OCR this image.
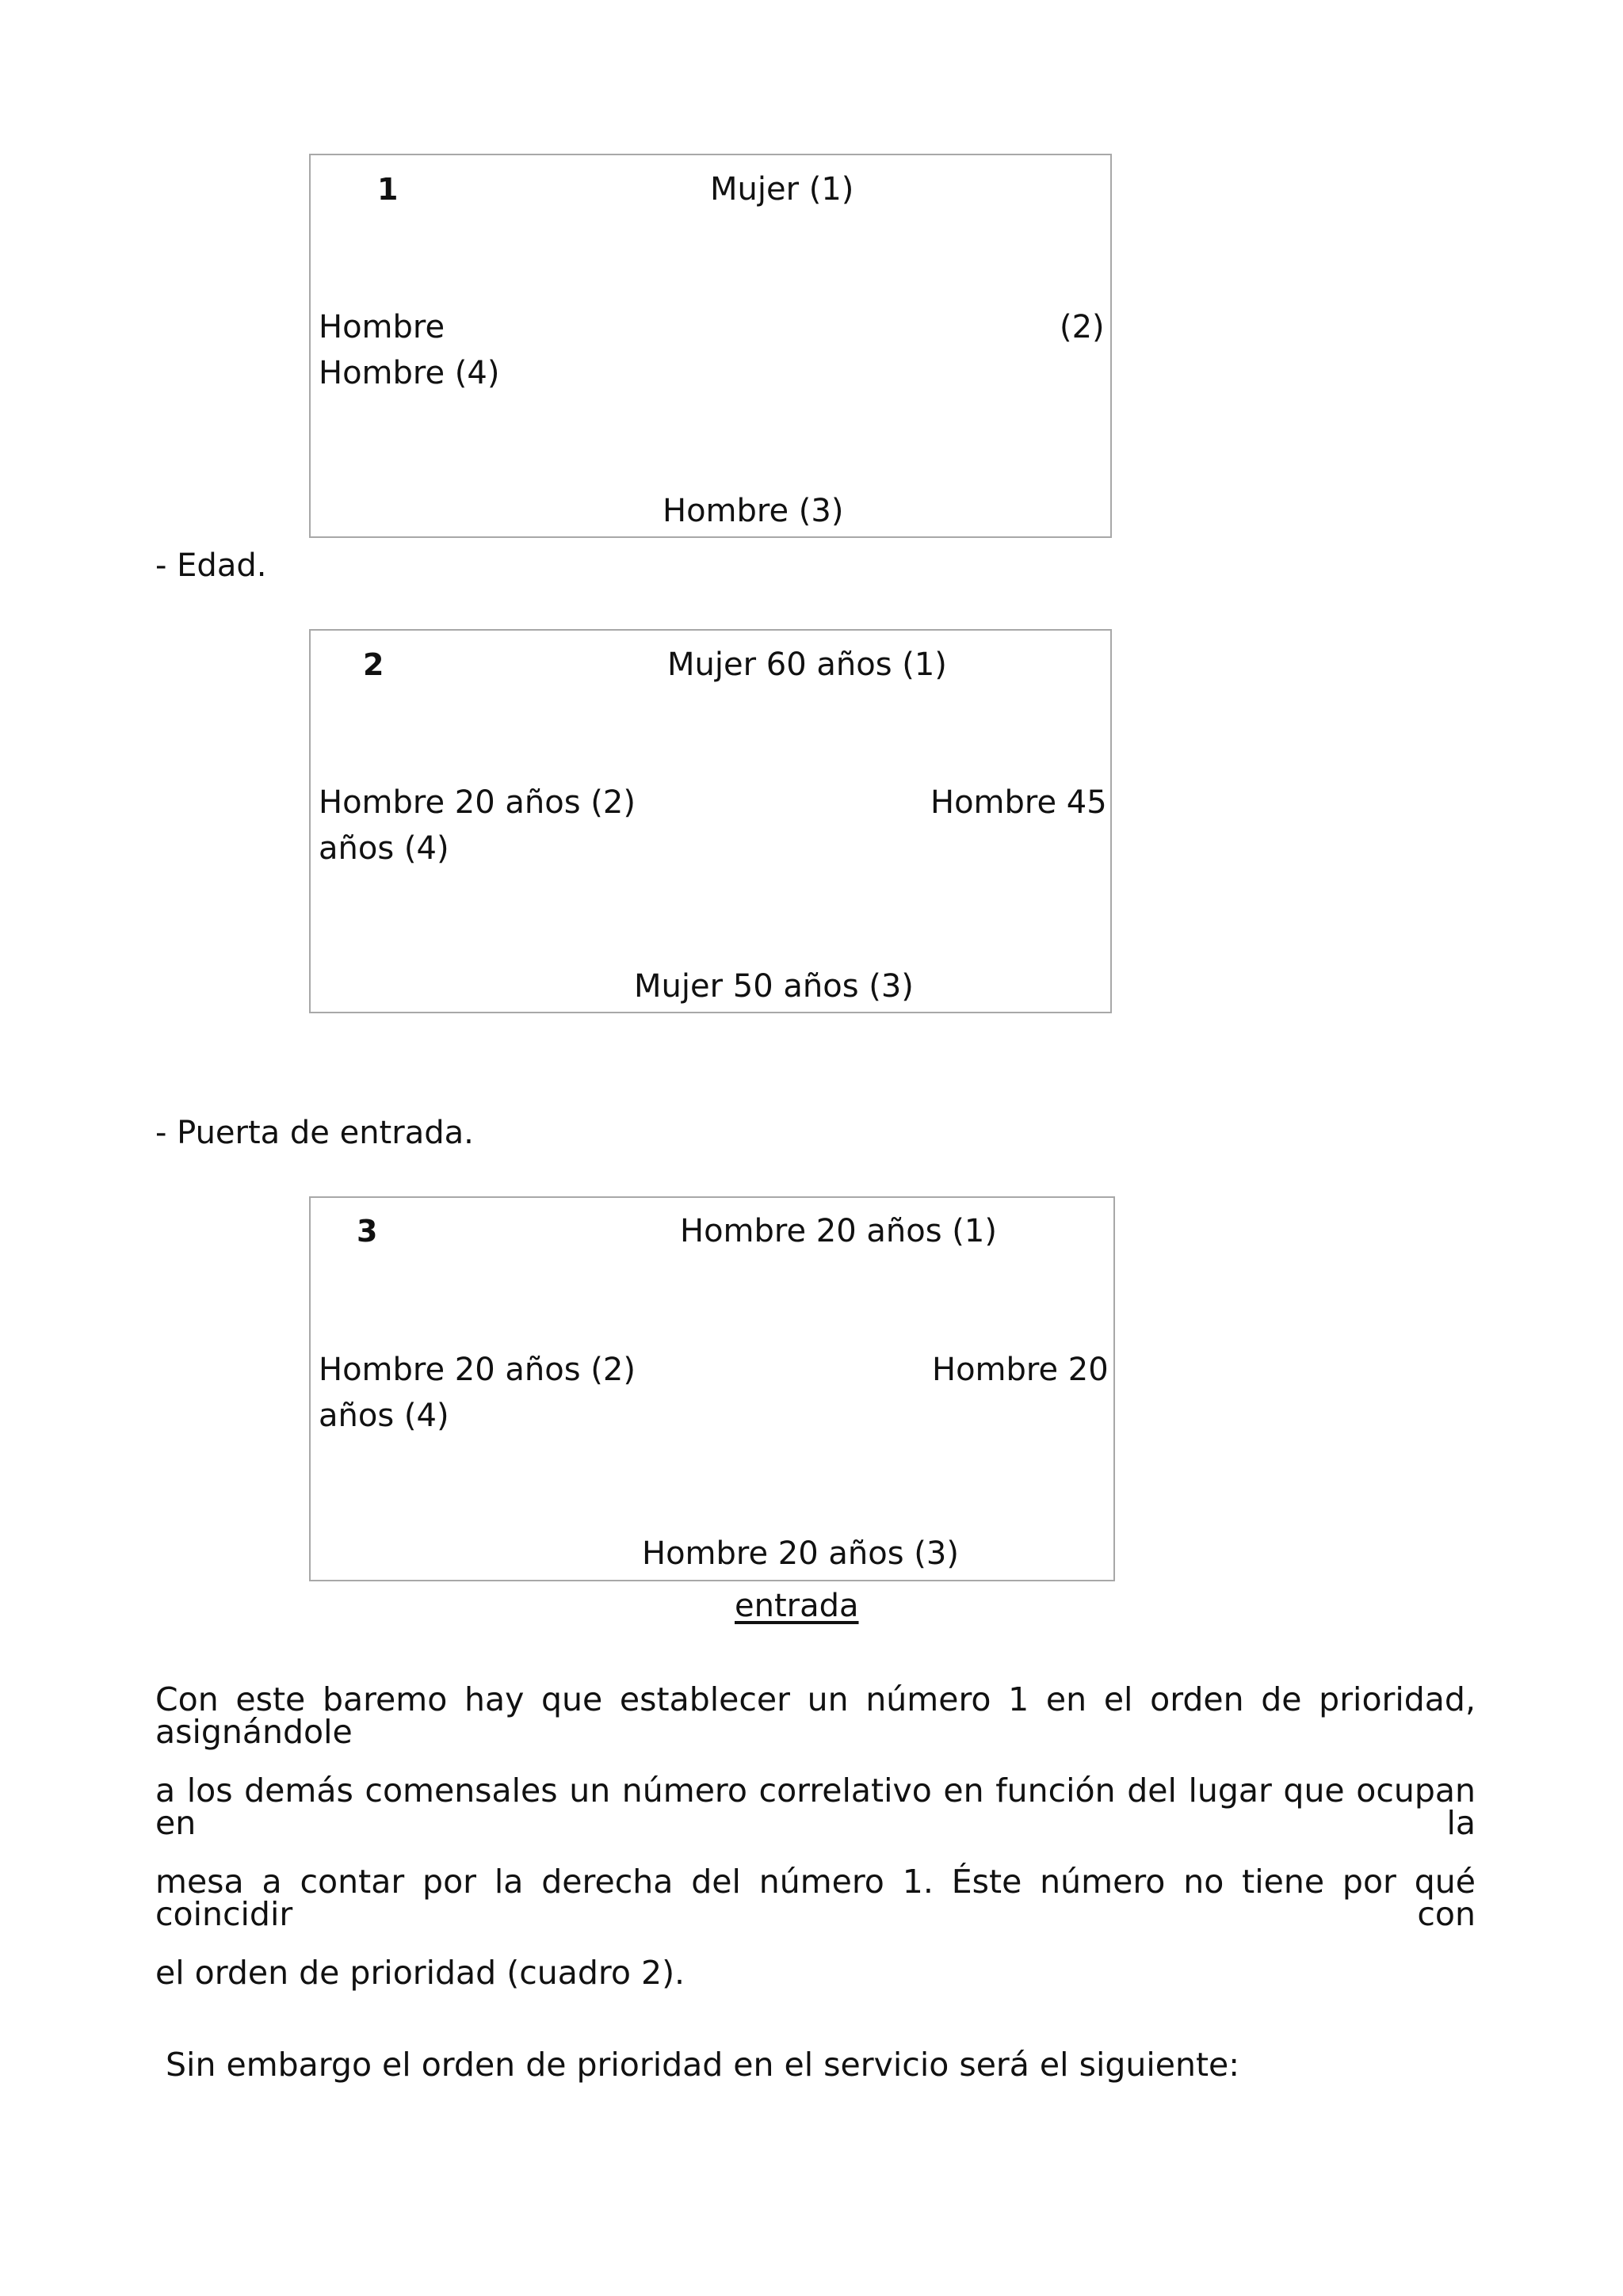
1	Mujer (1)
Hombre	(2)
Hombre (4)
Hombre (3)
- Edad.
2	Mujer 60 años (1)
Hombre 20 años (2)	Hombre 45
años (4)
Mujer 50 años (3)
- Puerta de entrada.
3	Hombre 20 años (1)
Hombre 20 años (2)	Hombre 20
años (4)
Hombre 20 años (3)
entrada
Con este baremo hay que establecer un número 1 en el orden de prioridad, asignándole
a los demás comensales un número correlativo en función del lugar que ocupan en la
mesa a contar por la derecha del número 1. Éste número no tiene por qué coincidir con
el orden de prioridad (cuadro 2).
Sin embargo el orden de prioridad en el servicio será el siguiente:
